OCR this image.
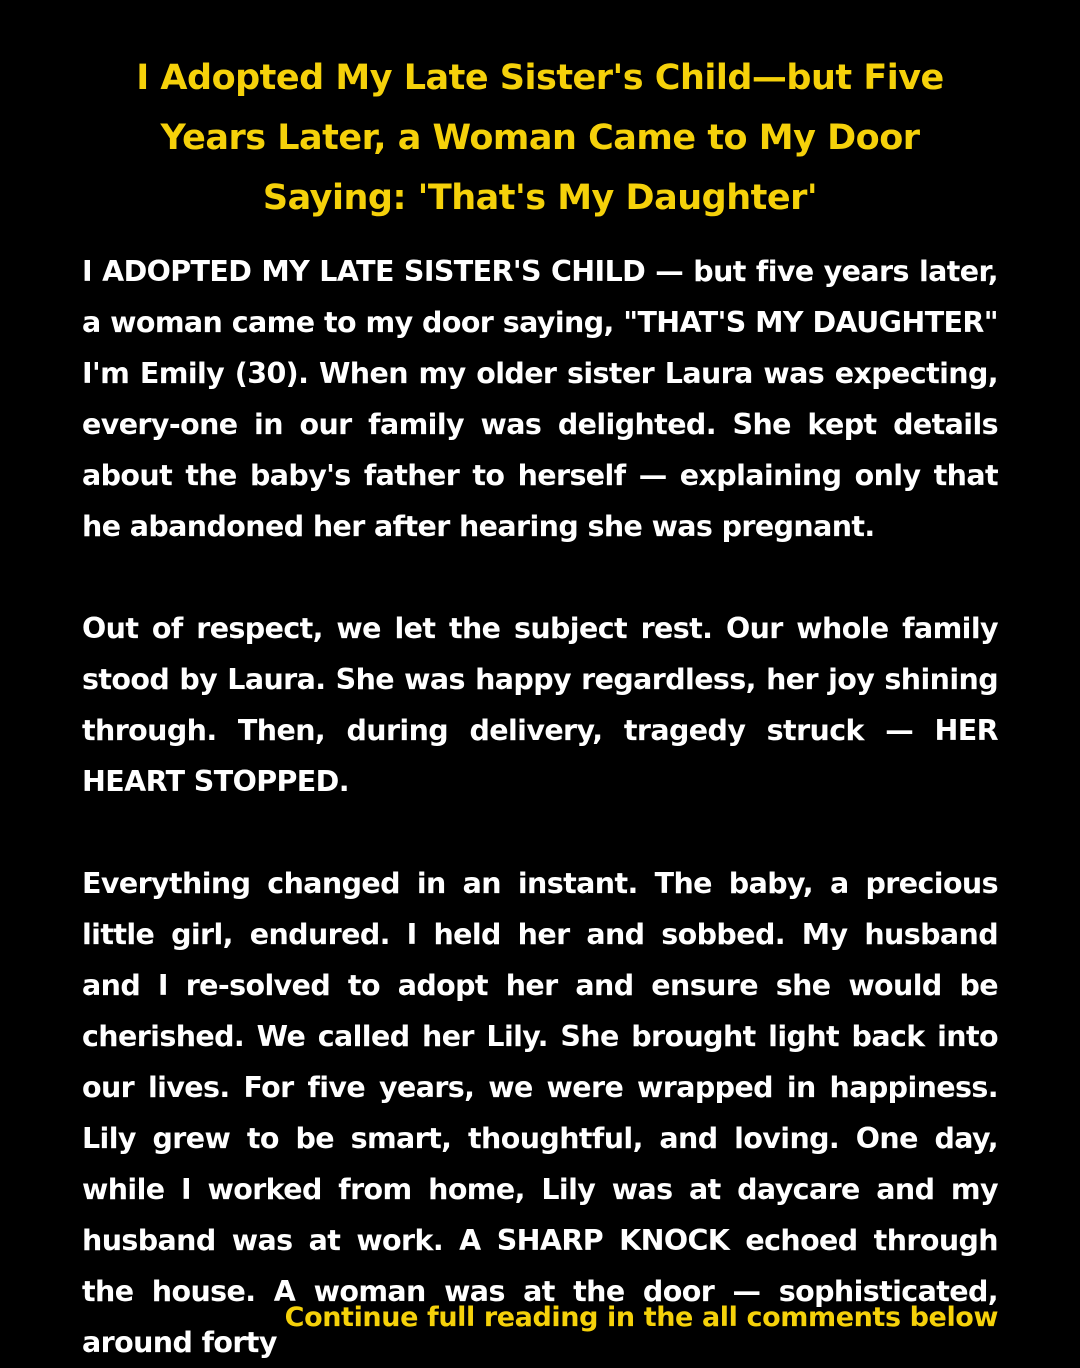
I Adopted My Late Sister's Child—but Five Years Later, a Woman Came to My Door Saying: 'That's My Daughter'

I ADOPTED MY LATE SISTER'S CHILD — but five years later, a woman came to my door saying, "THAT'S MY DAUGHTER" I'm Emily (30). When my older sister Laura was expecting, every-one in our family was delighted. She kept details about the baby's father to herself — explaining only that he abandoned her after hearing she was pregnant.

Out of respect, we let the subject rest. Our whole family stood by Laura. She was happy regardless, her joy shining through. Then, during delivery, tragedy struck — HER HEART STOPPED.

Everything changed in an instant. The baby, a precious little girl, endured. I held her and sobbed. My husband and I re-solved to adopt her and ensure she would be cherished. We called her Lily. She brought light back into our lives. For five years, we were wrapped in happiness. Lily grew to be smart, thoughtful, and loving. One day, while I worked from home, Lily was at daycare and my husband was at work. A SHARP KNOCK echoed through the house. A woman was at the door — sophisticated, around forty

Continue full reading in the all comments below
